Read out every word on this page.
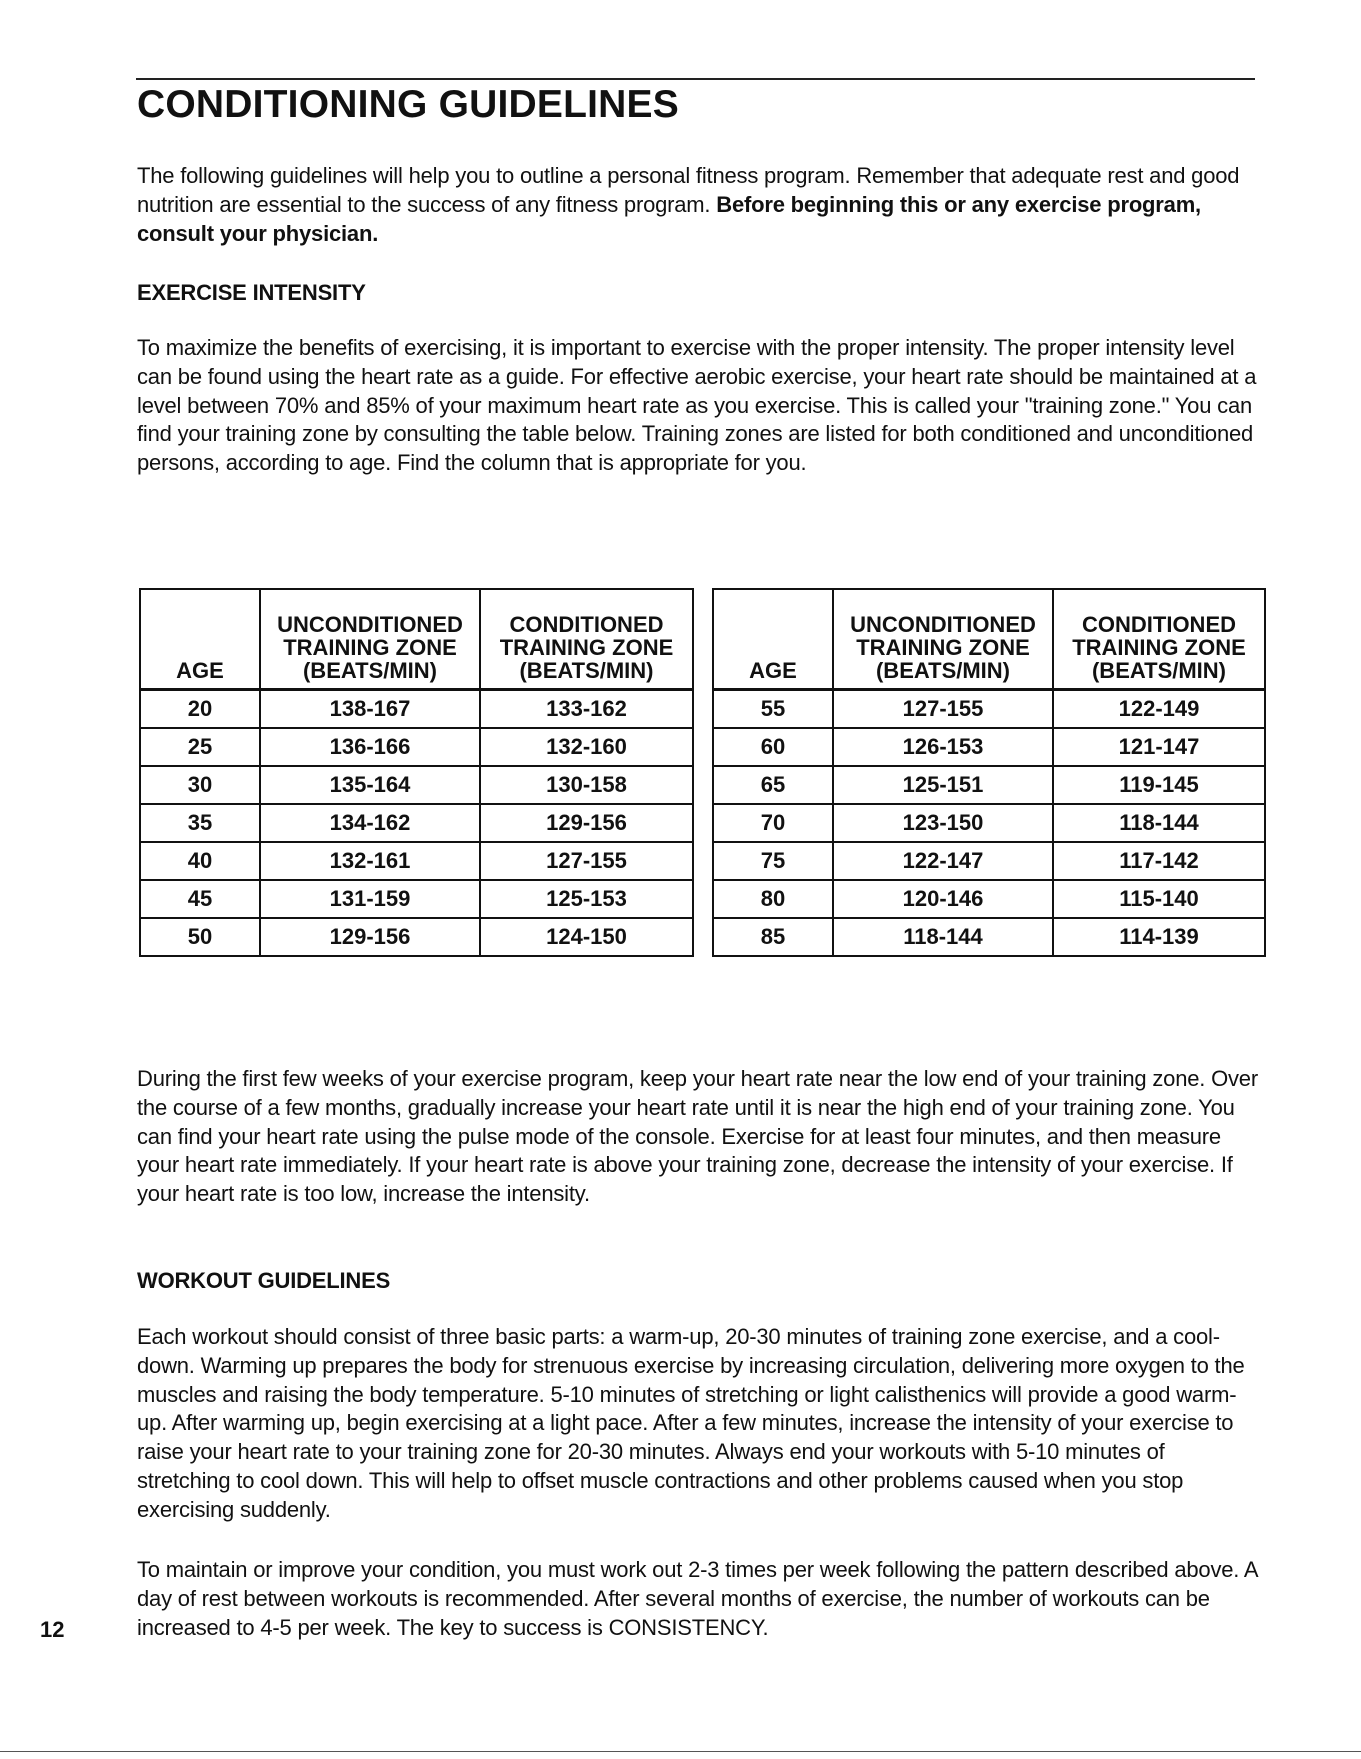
CONDITIONING GUIDELINES

The following guidelines will help you to outline a personal fitness program. Remember that adequate rest and good nutrition are essential to the success of any fitness program. Before beginning this or any exercise program, consult your physician.

EXERCISE INTENSITY

To maximize the benefits of exercising, it is important to exercise with the proper intensity. The proper intensity level can be found using the heart rate as a guide. For effective aerobic exercise, your heart rate should be maintained at a level between 70% and 85% of your maximum heart rate as you exercise. This is called your "training zone." You can find your training zone by consulting the table below. Training zones are listed for both conditioned and unconditioned persons, according to age. Find the column that is appropriate for you.

AGE	UNCONDITIONED
TRAINING ZONE
(BEATS/MIN)	CONDITIONED
TRAINING ZONE
(BEATS/MIN)
20	138-167	133-162
25	136-166	132-160
30	135-164	130-158
35	134-162	129-156
40	132-161	127-155
45	131-159	125-153
50	129-156	124-150
AGE	UNCONDITIONED
TRAINING ZONE
(BEATS/MIN)	CONDITIONED
TRAINING ZONE
(BEATS/MIN)
55	127-155	122-149
60	126-153	121-147
65	125-151	119-145
70	123-150	118-144
75	122-147	117-142
80	120-146	115-140
85	118-144	114-139

During the first few weeks of your exercise program, keep your heart rate near the low end of your training zone. Over the course of a few months, gradually increase your heart rate until it is near the high end of your training zone. You can find your heart rate using the pulse mode of the console. Exercise for at least four minutes, and then measure your heart rate immediately. If your heart rate is above your training zone, decrease the intensity of your exercise. If your heart rate is too low, increase the intensity.

WORKOUT GUIDELINES

Each workout should consist of three basic parts: a warm-up, 20-30 minutes of training zone exercise, and a cool-down. Warming up prepares the body for strenuous exercise by increasing circulation, delivering more oxygen to the muscles and raising the body temperature. 5-10 minutes of stretching or light calisthenics will provide a good warm-up. After warming up, begin exercising at a light pace. After a few minutes, increase the intensity of your exercise to raise your heart rate to your training zone for 20-30 minutes. Always end your workouts with 5-10 minutes of stretching to cool down. This will help to offset muscle contractions and other problems caused when you stop exercising suddenly.

To maintain or improve your condition, you must work out 2-3 times per week following the pattern described above. A day of rest between workouts is recommended. After several months of exercise, the number of workouts can be increased to 4-5 per week. The key to success is CONSISTENCY.

12
